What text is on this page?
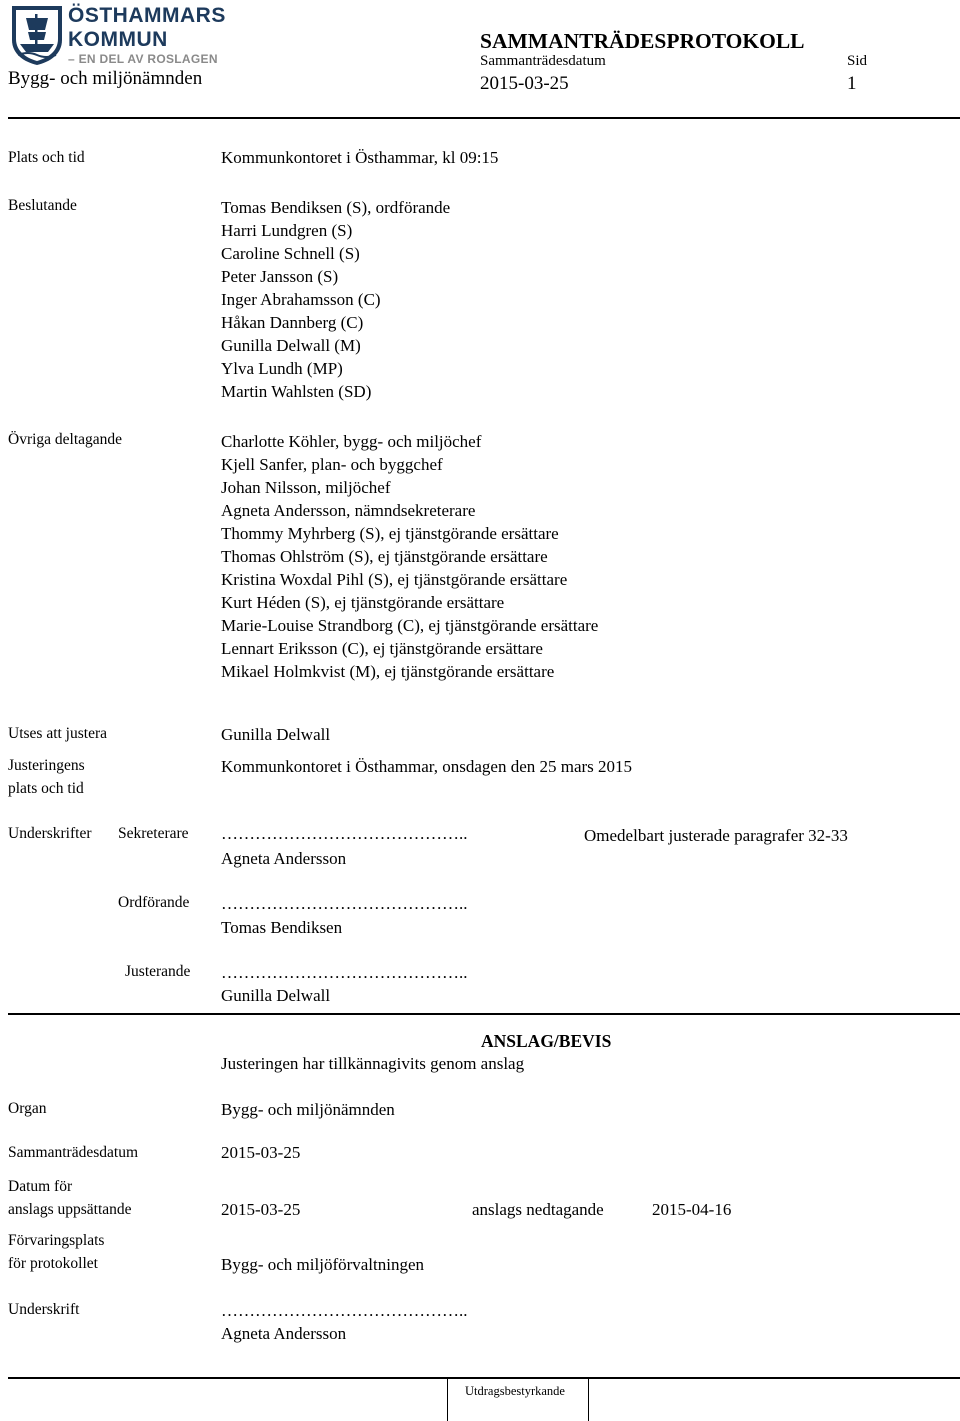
ÖSTHAMMARS
KOMMUN
– EN DEL AV ROSLAGEN
Bygg- och miljönämnden
SAMMANTRÄDESPROTOKOLL
Sammanträdesdatum	Sid
2015-03-25	1
Plats och tid	Kommunkontoret i Östhammar, kl 09:15
Beslutande	Tomas Bendiksen (S), ordförande
Harri Lundgren (S)
Caroline Schnell (S)
Peter Jansson (S)
Inger Abrahamsson (C)
Håkan Dannberg (C)
Gunilla Delwall (M)
Ylva Lundh (MP)
Martin Wahlsten (SD)
Övriga deltagande	Charlotte Köhler, bygg- och miljöchef
Kjell Sanfer, plan- och byggchef
Johan Nilsson, miljöchef
Agneta Andersson, nämndsekreterare
Thommy Myhrberg (S), ej tjänstgörande ersättare
Thomas Ohlström (S), ej tjänstgörande ersättare
Kristina Woxdal Pihl (S), ej tjänstgörande ersättare
Kurt Héden (S), ej tjänstgörande ersättare
Marie-Louise Strandborg (C), ej tjänstgörande ersättare
Lennart Eriksson (C), ej tjänstgörande ersättare
Mikael Holmkvist (M), ej tjänstgörande ersättare
Utses att justera	Gunilla Delwall
Justeringens
plats och tid
Kommunkontoret i Östhammar, onsdagen den 25 mars 2015
Underskrifter Sekreterare ……………………………………..	Omedelbart justerade paragrafer 32-33
Agneta Andersson
Ordförande ……………………………………..
Tomas Bendiksen
Justerande ……………………………………..
Gunilla Delwall
ANSLAG/BEVIS
Justeringen har tillkännagivits genom anslag
Organ	Bygg- och miljönämnden
Sammanträdesdatum	2015-03-25
Datum för
anslags uppsättande	2015-03-25	anslags nedtagande	2015-04-16
Förvaringsplats
för protokollet	Bygg- och miljöförvaltningen
Underskrift	……………………………………..
Agneta Andersson
Utdragsbestyrkande
